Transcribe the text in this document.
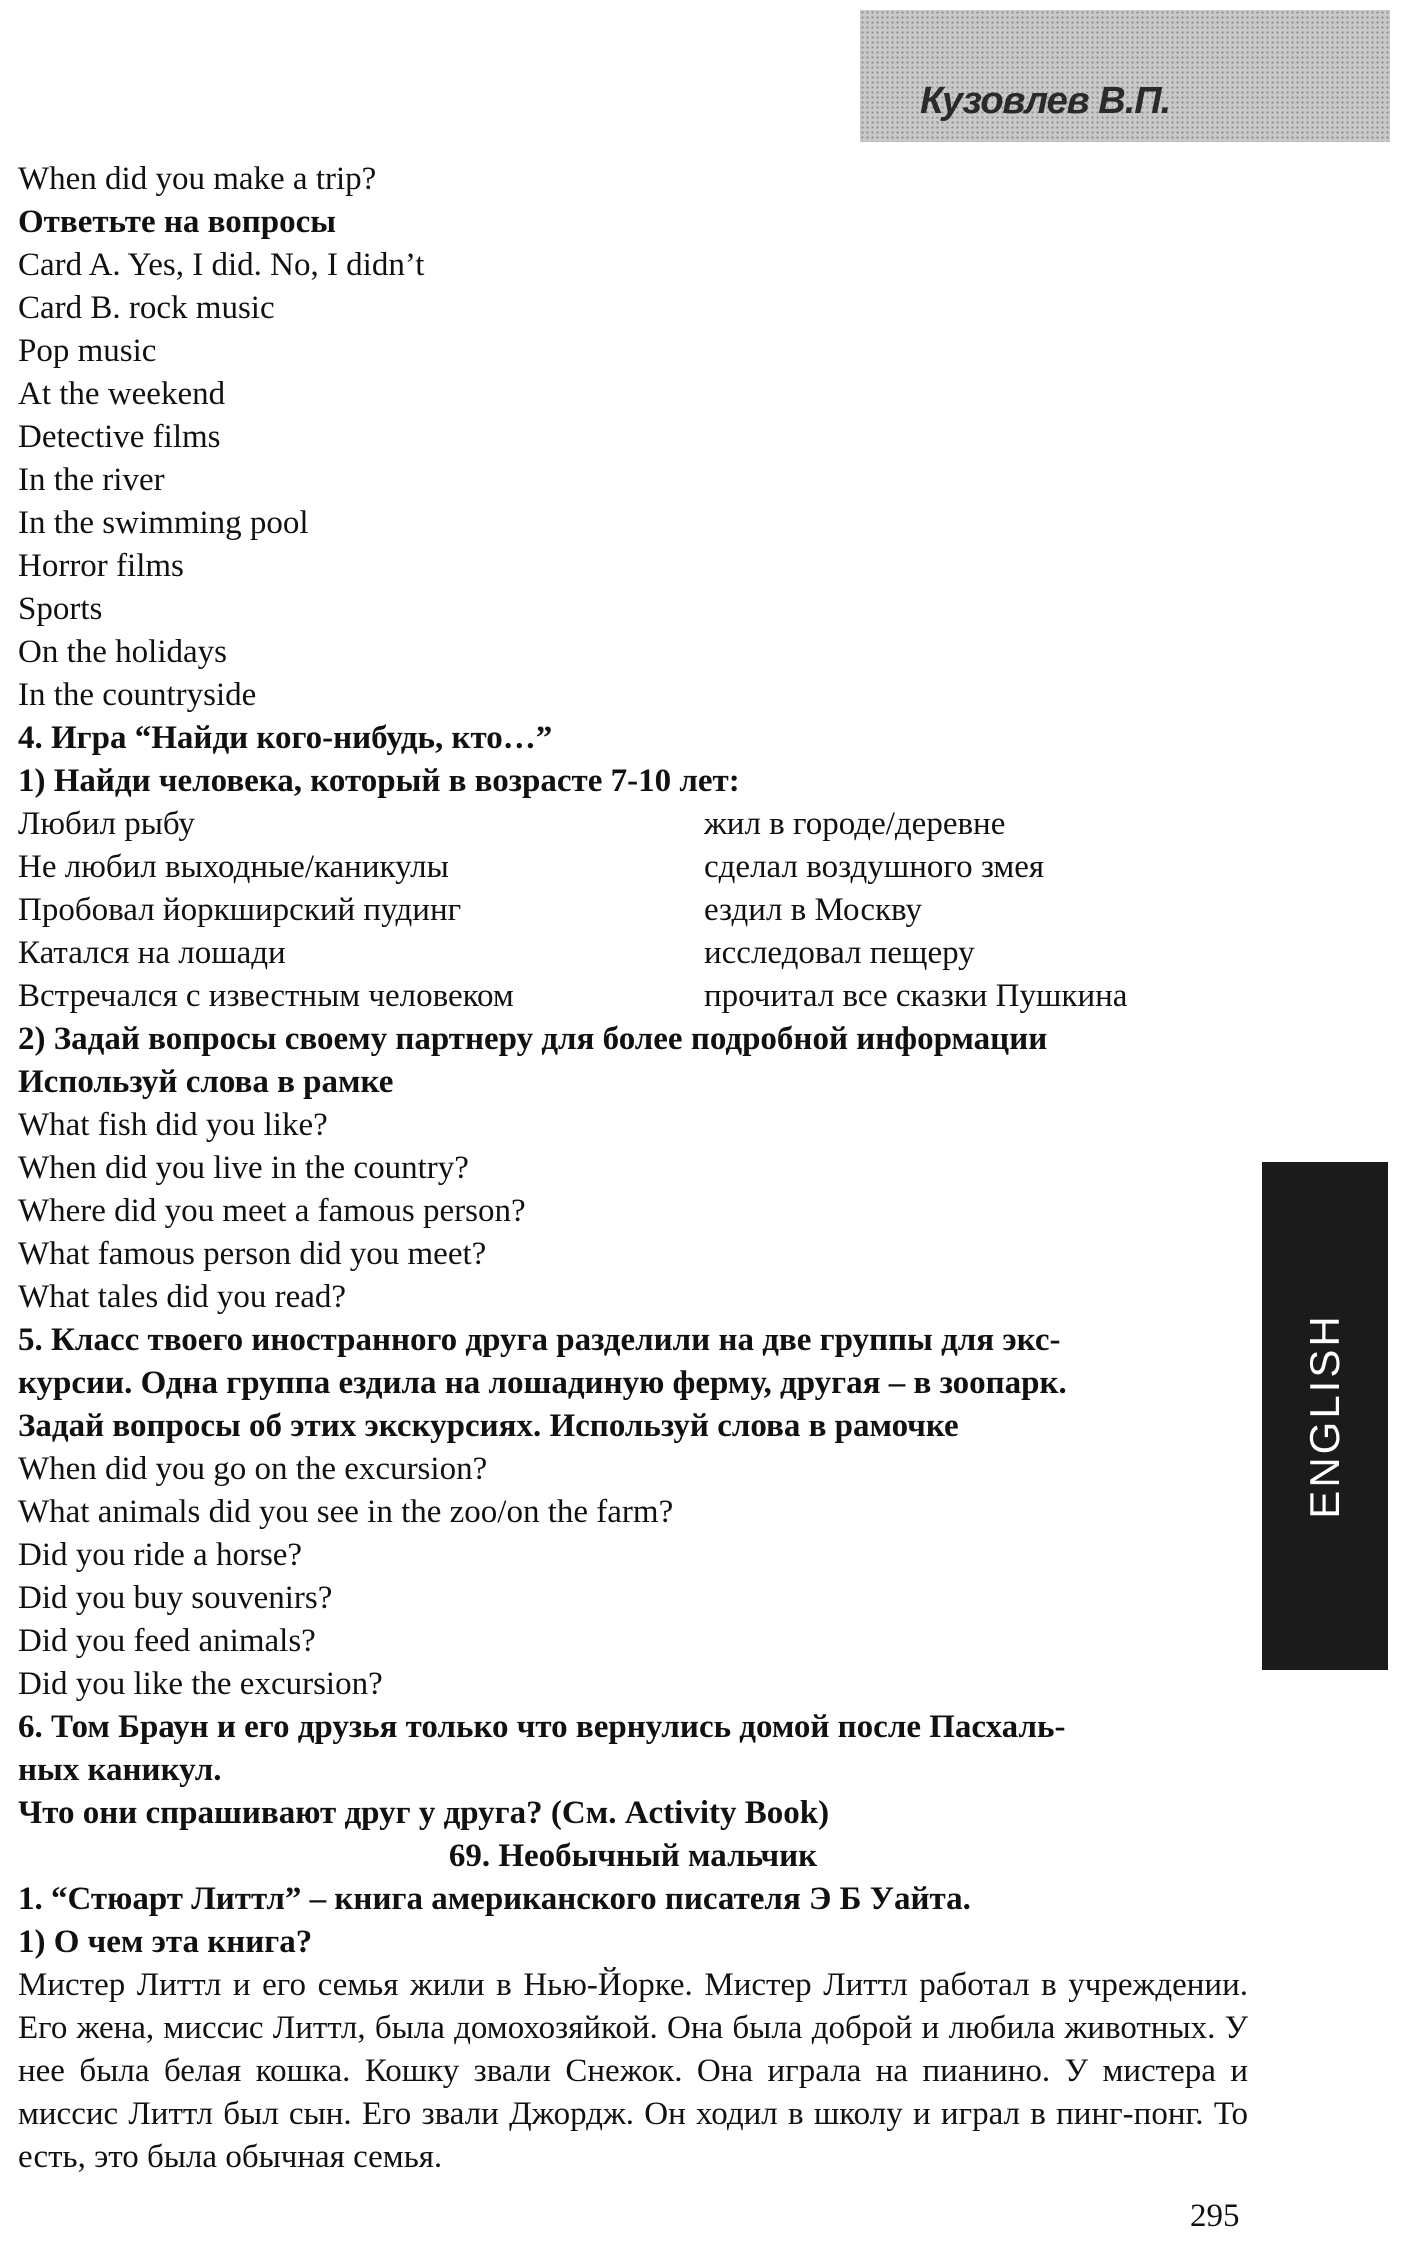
Кузовлев В.П.
When did you make a trip?
Ответьте на вопросы
Card A. Yes, I did. No, I didn’t
Card B. rock music
Pop music
At the weekend
Detective films
In the river
In the swimming pool
Horror films
Sports
On the holidays
In the countryside
4. Игра “Найди кого-нибудь, кто…”
1) Найди человека, который в возрасте 7-10 лет:
Любил рыбу	жил в городе/деревне
Не любил выходные/каникулы	сделал воздушного змея
Пробовал йоркширский пудинг	ездил в Москву
Катался на лошади	исследовал пещеру
Встречался с известным человеком	прочитал все сказки Пушкина
2) Задай вопросы своему партнеру для более подробной информации
Используй слова в рамке
What fish did you like?
When did you live in the country?
Where did you meet a famous person?
What famous person did you meet?
What tales did you read?
5. Класс твоего иностранного друга разделили на две группы для экс-
курсии. Одна группа ездила на лошадиную ферму, другая – в зоопарк.
Задай вопросы об этих экскурсиях. Используй слова в рамочке
When did you go on the excursion?
What animals did you see in the zoo/on the farm?
Did you ride a horse?
Did you buy souvenirs?
Did you feed animals?
Did you like the excursion?
6. Том Браун и его друзья только что вернулись домой после Пасхаль-
ных каникул.
Что они спрашивают друг у друга? (См. Activity Book)
69. Необычный мальчик
1. “Стюарт Литтл” – книга американского писателя Э Б Уайта.
1) О чем эта книга?
Мистер Литтл и его семья жили в Нью-Йорке. Мистер Литтл работал в учреждении. Его жена, миссис Литтл, была домохозяйкой. Она была доброй и любила животных. У нее была белая кошка. Кошку звали Снежок. Она играла на пианино. У мистера и миссис Литтл был сын. Его звали Джордж. Он ходил в школу и играл в пинг-понг. То есть, это была обычная семья.
ENGLISH
295
